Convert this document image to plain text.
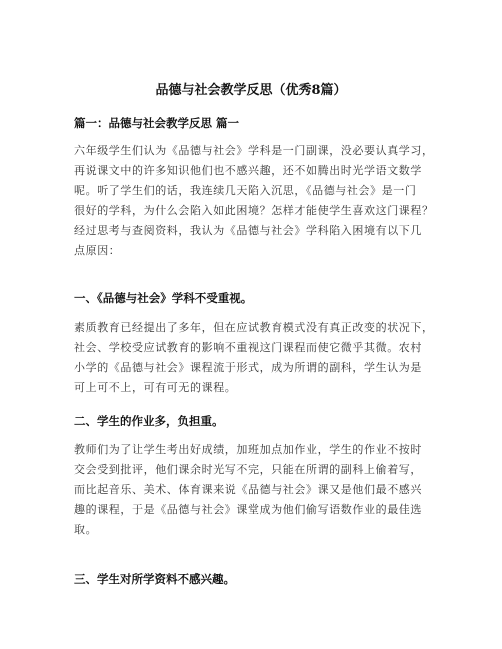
品德与社会教学反思（优秀8篇）
篇一：品德与社会教学反思 篇一
六年级学生们认为《品德与社会》学科是一门副课，没必要认真学习，
再说课文中的许多知识他们也不感兴趣，还不如腾出时光学语文数学
呢。听了学生们的话，我连续几天陷入沉思，《品德与社会》是一门
很好的学科，为什么会陷入如此困境？怎样才能使学生喜欢这门课程？
经过思考与查阅资料，我认为《品德与社会》学科陷入困境有以下几
点原因：
一、《品德与社会》学科不受重视。
素质教育已经提出了多年，但在应试教育模式没有真正改变的状况下，
社会、学校受应试教育的影响不重视这门课程而使它微乎其微。农村
小学的《品德与社会》课程流于形式，成为所谓的副科，学生认为是
可上可不上，可有可无的课程。
二、学生的作业多，负担重。
教师们为了让学生考出好成绩，加班加点加作业，学生的作业不按时
交会受到批评，他们课余时光写不完，只能在所谓的副科上偷着写，
而比起音乐、美术、体育课来说《品德与社会》课又是他们最不感兴
趣的课程，于是《品德与社会》课堂成为他们偷写语数作业的最佳选
取。
三、学生对所学资料不感兴趣。
